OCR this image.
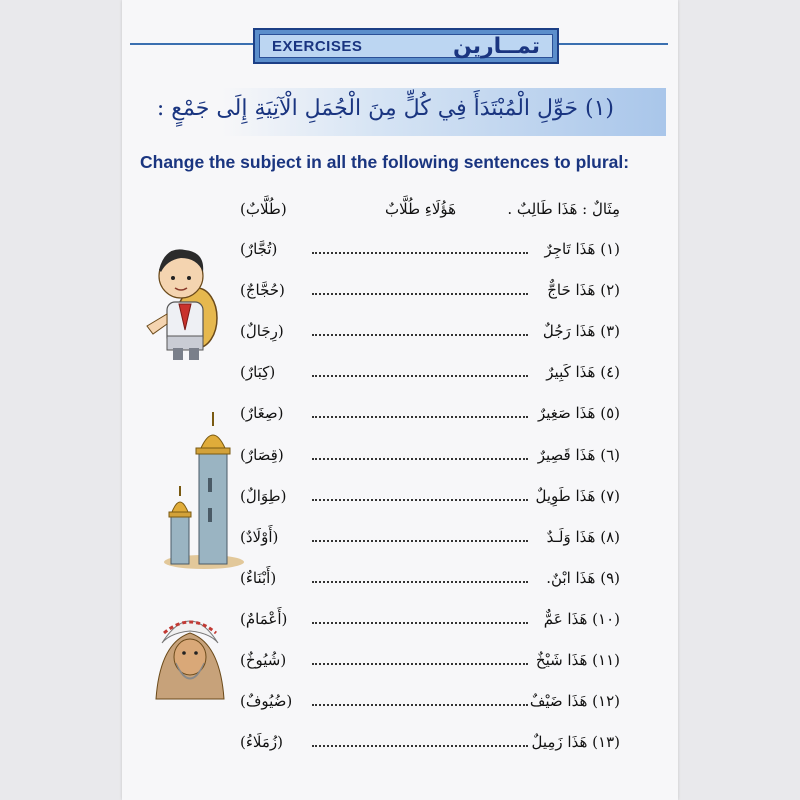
EXERCISES	تمــارين
(١) حَوِّلِ الْمُبْتَدَأَ فِي كُلٍّ مِنَ الْجُمَلِ الْآتِيَةِ إِلَى جَمْعٍ :
Change the subject in all the following sentences to plural:
مِثَالٌ : هَذَا طَالِبٌ .
هَؤُلَاءِ طُلَّابٌ
(طُلَّابٌ)
(١) هَذَا تَاجِرٌ
(تُجَّارٌ)
(٢) هَذَا حَاجٌّ
(حُجَّاجٌ)
(٣) هَذَا رَجُلٌ
(رِجَالٌ)
(٤) هَذَا كَبِيرٌ
(كِبَارٌ)
(٥) هَذَا صَغِيرٌ
(صِغَارٌ)
(٦) هَذَا قَصِيرٌ
(قِصَارٌ)
(٧) هَذَا طَوِيلٌ
(طِوَالٌ)
(٨) هَذَا وَلَـدٌ
(أَوْلَادٌ)
(٩) هَذَا ابْنٌ.
(أَبْنَاءٌ)
(١٠) هَذَا عَمٌّ
(أَعْمَامٌ)
(١١) هَذَا شَيْخٌ
(شُيُوخٌ)
(١٢) هَذَا ضَيْفٌ
(ضُيُوفٌ)
(١٣) هَذَا زَمِيلٌ
(زُمَلَاءُ)
